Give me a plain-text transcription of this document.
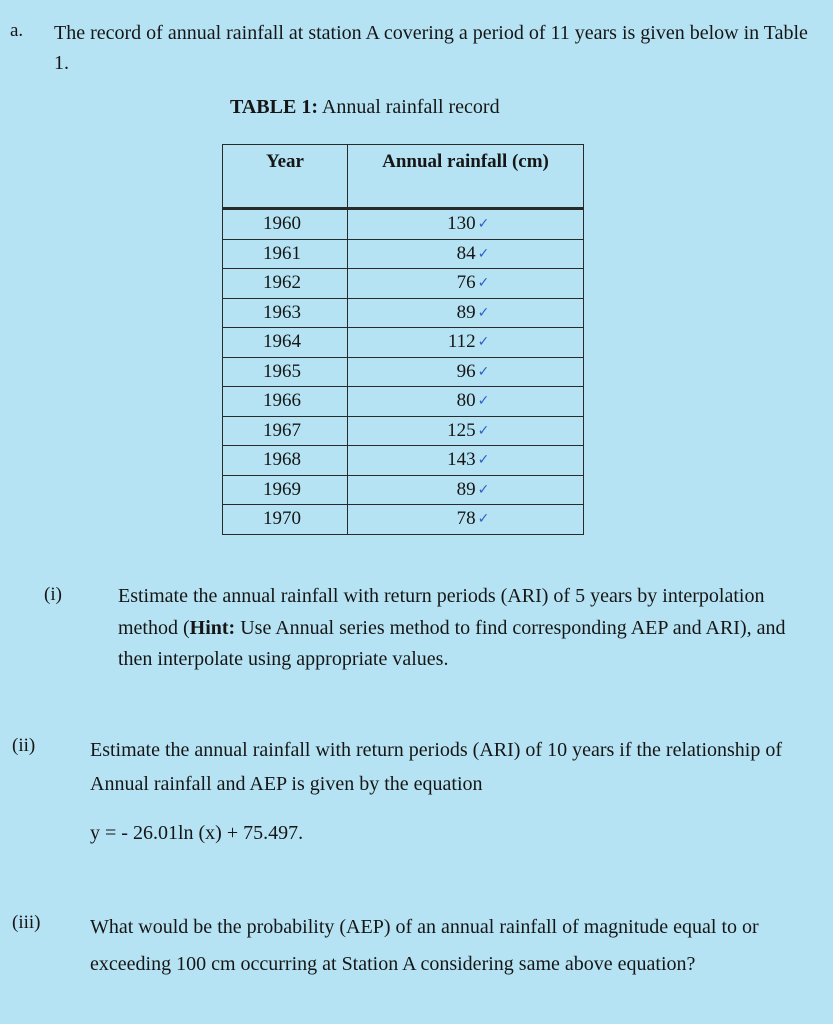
a. The record of annual rainfall at station A covering a period of 11 years is given below in Table 1.
TABLE 1: Annual rainfall record
Year	Annual rainfall (cm)

1960	130 ✓
1961	84 ✓
1962	76 ✓
1963	89 ✓
1964	112 ✓
1965	96 ✓
1966	80 ✓
1967	125 ✓
1968	143 ✓
1969	89 ✓
1970	78 ✓
(i)	Estimate the annual rainfall with return periods (ARI) of 5 years by interpolation method (Hint: Use Annual series method to find corresponding AEP and ARI), and then interpolate using appropriate values.
(ii)	Estimate the annual rainfall with return periods (ARI) of 10 years if the relationship of Annual rainfall and AEP is given by the equation
y = - 26.01ln (x) + 75.497.
(iii) What would be the probability (AEP) of an annual rainfall of magnitude equal to or exceeding 100 cm occurring at Station A considering same above equation?
